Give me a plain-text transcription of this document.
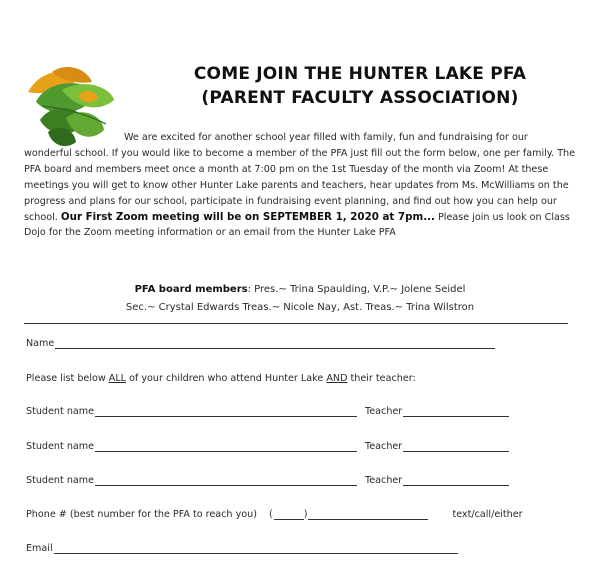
COME JOIN THE HUNTER LAKE PFA
(PARENT FACULTY ASSOCIATION)
We are excited for another school year filled with family, fun and fundraising for our wonderful school. If you would like to become a member of the PFA just fill out the form below, one per family. The PFA board and members meet once a month at 7:00 pm on the 1st Tuesday of the month via Zoom! At these meetings you will get to know other Hunter Lake parents and teachers, hear updates from Ms. McWilliams on the progress and plans for our school, participate in fundraising event planning, and find out how you can help our school. Our First Zoom meeting will be on SEPTEMBER 1, 2020 at 7pm... Please join us look on Class Dojo for the Zoom meeting information or an email from the Hunter Lake PFA
PFA board members: Pres.~ Trina Spaulding, V.P.~ Jolene Seidel
Sec.~ Crystal Edwards Treas.~ Nicole Nay, Ast. Treas.~ Trina Wilstron
Name
Please list below ALL of your children who attend Hunter Lake AND their teacher:
Student name	Teacher
Student name	Teacher
Student name	Teacher
Phone # (best number for the PFA to reach you) (	)	text/call/either
Email
